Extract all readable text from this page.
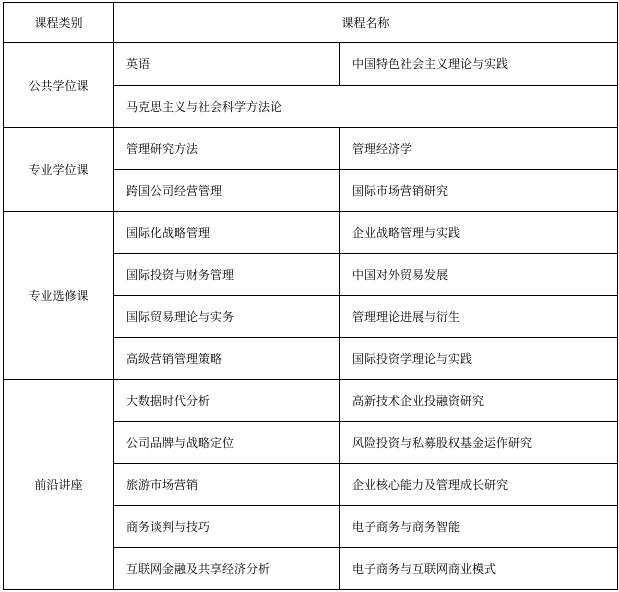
课程类别	课程名称	
公共学位课	英语	中国特色社会主义理论与实践
	马克思主义与社会科学方法论	
专业学位课	管理研究方法	管理经济学
	跨国公司经营管理	国际市场营销研究
专业选修课	国际化战略管理	企业战略管理与实践
	国际投资与财务管理	中国对外贸易发展
	国际贸易理论与实务	管理理论进展与衍生
	高级营销管理策略	国际投资学理论与实践
前沿讲座	大数据时代分析	高新技术企业投融资研究
	公司品牌与战略定位	风险投资与私募股权基金运作研究
	旅游市场营销	企业核心能力及管理成长研究
	商务谈判与技巧	电子商务与商务智能
	互联网金融及共享经济分析	电子商务与互联网商业模式
